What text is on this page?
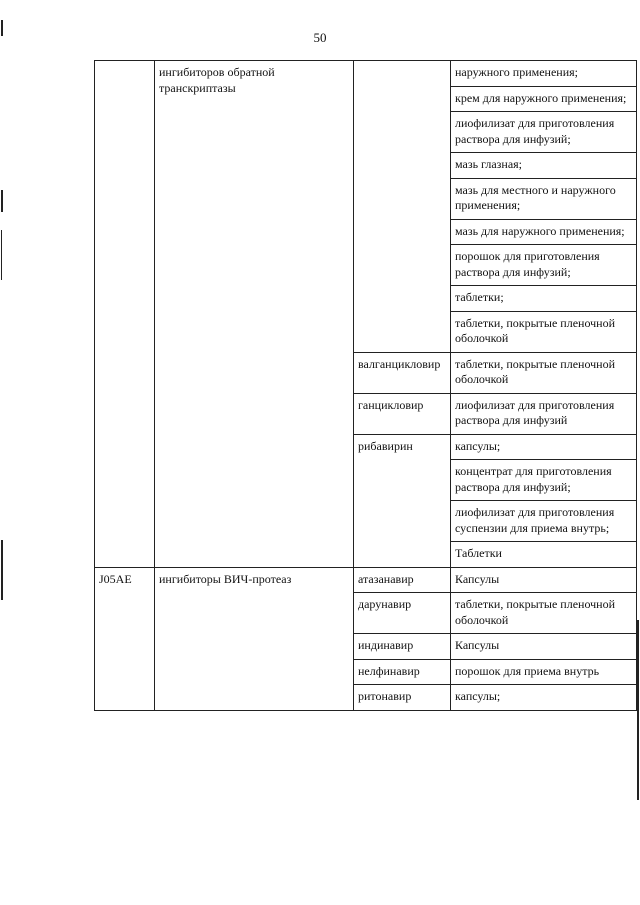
50
	ингибиторов обратной транскриптазы		наружного применения;
			крем для наружного применения;
			лиофилизат для приготовления раствора для инфузий;
			мазь глазная;
			мазь для местного и наружного применения;
			мазь для наружного применения;
			порошок для приготовления раствора для инфузий;
			таблетки;
			таблетки, покрытые пленочной оболочкой
		валганцикловир	таблетки, покрытые пленочной оболочкой
		ганцикловир	лиофилизат для приготовления раствора для инфузий
		рибавирин	капсулы;
			концентрат для приготовления раствора для инфузий;
			лиофилизат для приготовления суспензии для приема внутрь;
			Таблетки
J05AE	ингибиторы ВИЧ-протеаз	атазанавир	Капсулы
		дарунавир	таблетки, покрытые пленочной оболочкой
		индинавир	Капсулы
		нелфинавир	порошок для приема внутрь
		ритонавир	капсулы;
